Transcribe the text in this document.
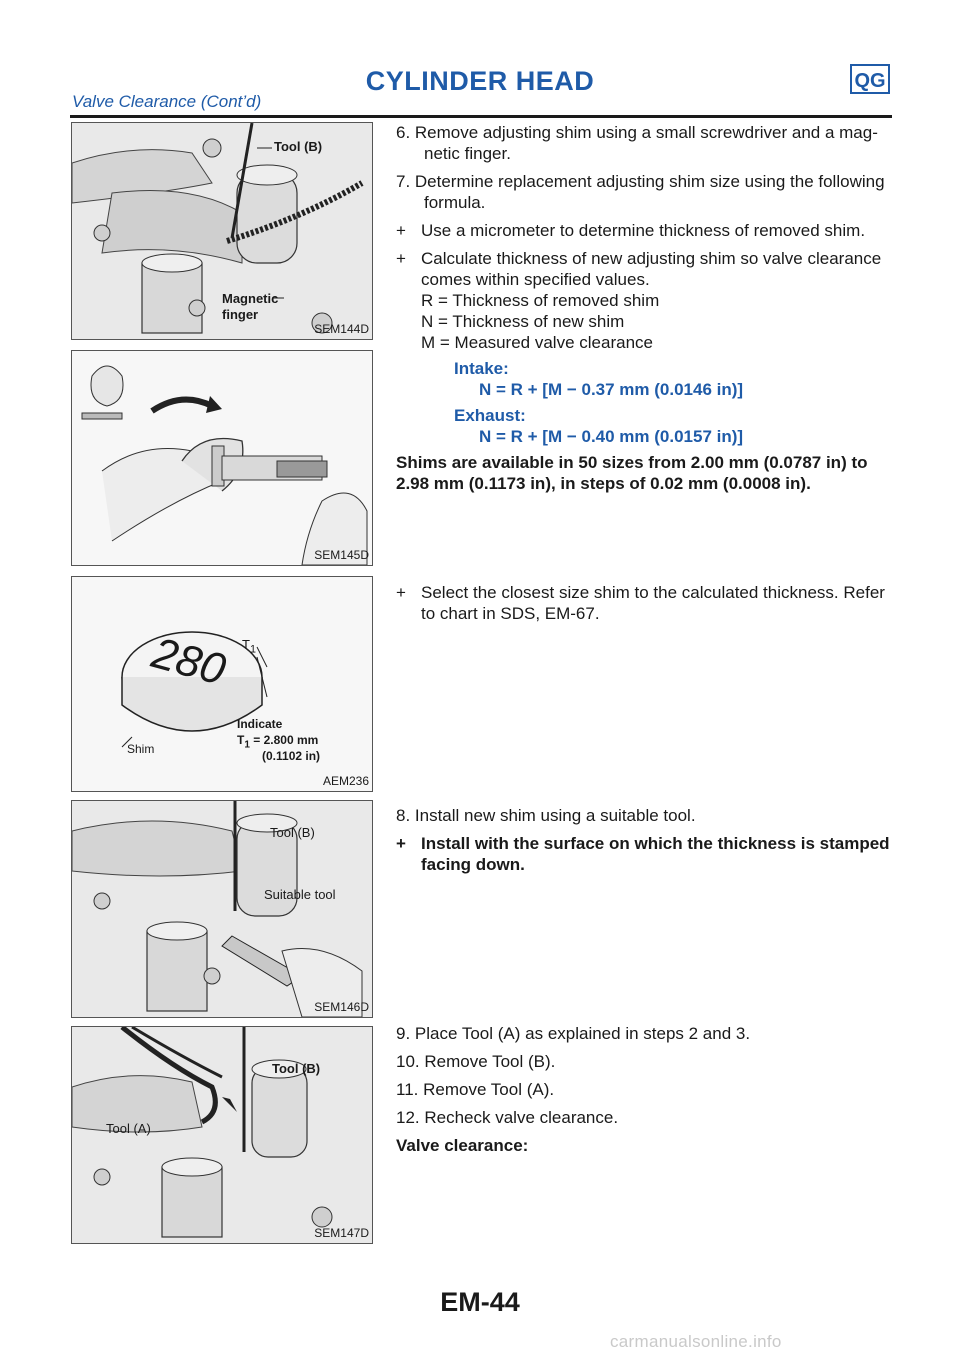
CYLINDER HEAD	QG
Valve Clearance (Cont’d)
Tool (B)
Magnetic
finger
SEM144D
SEM145D
280 $T_1$
Indicate
$T_1 = 2.800$ mm
(0.1102 in)
Shim
AEM236
Tool (B)
Suitable tool
SEM146D
Tool (B)
Tool (A)
SEM147D

6. Remove adjusting shim using a small screwdriver and a mag-netic finger.

7. Determine replacement adjusting shim size using the following formula.

+ Use a micrometer to determine thickness of removed shim.

+ Calculate thickness of new adjusting shim so valve clearance comes within specified values.

R = Thickness of removed shim

N = Thickness of new shim

M = Measured valve clearance

Intake:

N = R + [M − 0.37 mm (0.0146 in)]

Exhaust:

N = R + [M − 0.40 mm (0.0157 in)]

Shims are available in 50 sizes from 2.00 mm (0.0787 in) to 2.98 mm (0.1173 in), in steps of 0.02 mm (0.0008 in).

+ Select the closest size shim to the calculated thickness. Refer to chart in SDS, EM-67.

8. Install new shim using a suitable tool.

+ Install with the surface on which the thickness is stamped facing down.

9. Place Tool (A) as explained in steps 2 and 3.

10. Remove Tool (B).

11. Remove Tool (A).

12. Recheck valve clearance.

Valve clearance:

EM-44
carmanualsonline.info
